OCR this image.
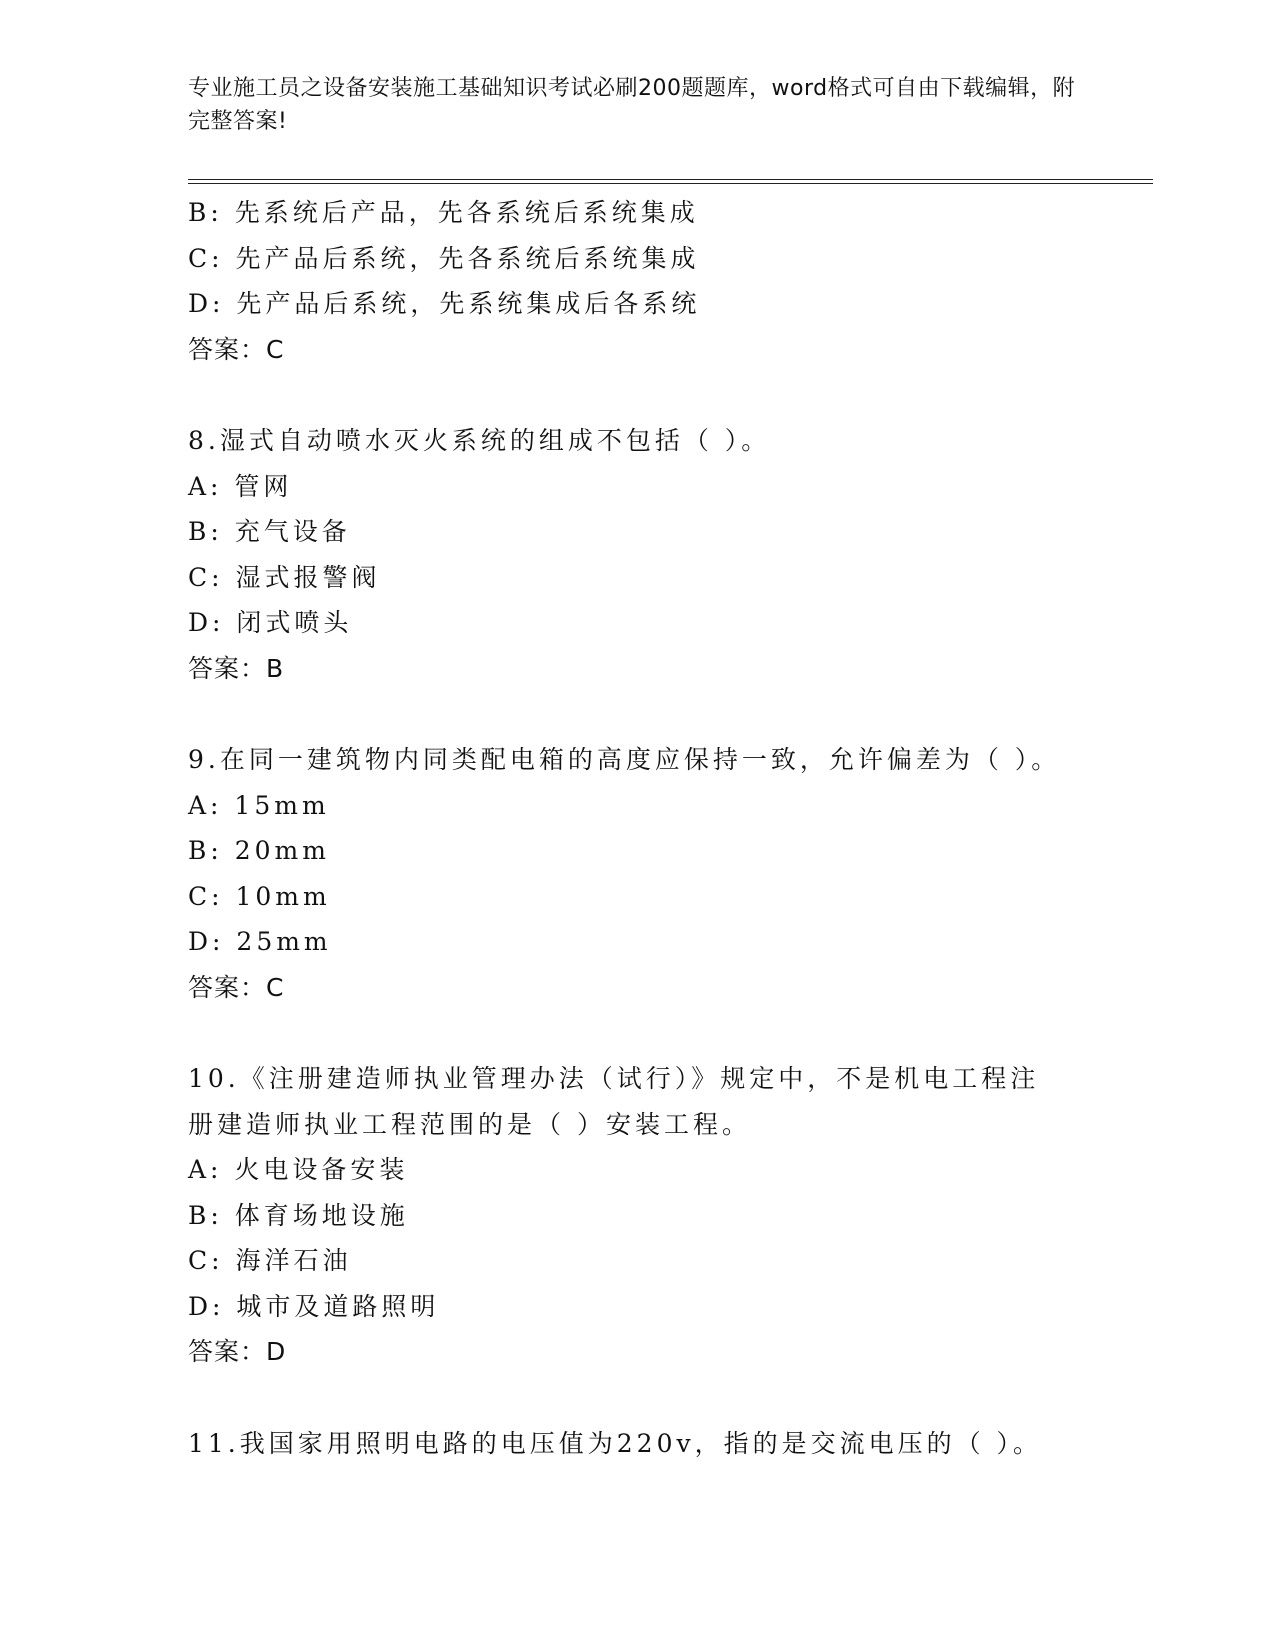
专业施工员之设备安装施工基础知识考试必刷200题题库，word格式可自由下载编辑，附完整答案!
B: 先系统后产品，先各系统后系统集成
C: 先产品后系统，先各系统后系统集成
D: 先产品后系统，先系统集成后各系统
答案：C
8.湿式自动喷水灭火系统的组成不包括（ ）。
A: 管网
B: 充气设备
C: 湿式报警阀
D: 闭式喷头
答案：B
9.在同一建筑物内同类配电箱的高度应保持一致，允许偏差为（ ）。
A: 15mm
B: 20mm
C: 10mm
D: 25mm
答案：C
10.《注册建造师执业管理办法（试行）》规定中，不是机电工程注册建造师执业工程范围的是（ ）安装工程。
A: 火电设备安装
B: 体育场地设施
C: 海洋石油
D: 城市及道路照明
答案：D
11.我国家用照明电路的电压值为220v，指的是交流电压的（ ）。
